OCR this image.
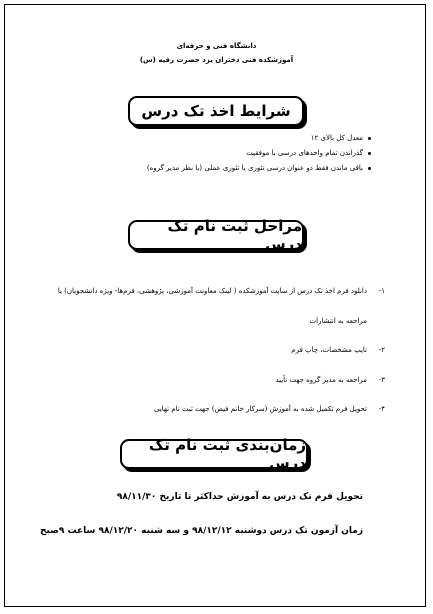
دانشگاه فنی و حرفه‌ای
آموزشکده فنی دختران یزد حضرت رقیه (س)
شرایط اخذ تک درس
معدل کل بالای ۱۲
گذراندن تمام واحدهای درسی با موفقیت
باقی ماندن فقط دو عنوان درسی تئوری یا تئوری عملی (با نظر مدیر گروه)
مراحل ثبت نام تک درس
۱-
دانلود فرم اخذ تک درس از سایت آموزشکده ( لینک معاونت آموزشی، پژوهشی، فرم‌ها- ویژه دانشجویان) یا
مراجعه به انتشارات
۲-
تایپ مشخصات، چاپ فرم
۳-
مراجعه به مدیر گروه جهت تأیید
۴-
تحویل فرم تکمیل شده به آموزش (سرکار خانم فیض) جهت ثبت نام نهایی
زمان‌بندی ثبت نام تک درس
تحویل فرم تک درس به آموزش حداکثر تا تاریخ ۹۸/۱۱/۳۰
زمان آزمون تک درس دوشنبه ۹۸/۱۲/۱۲ و سه شنبه ۹۸/۱۲/۲۰ ساعت ۹صبح
